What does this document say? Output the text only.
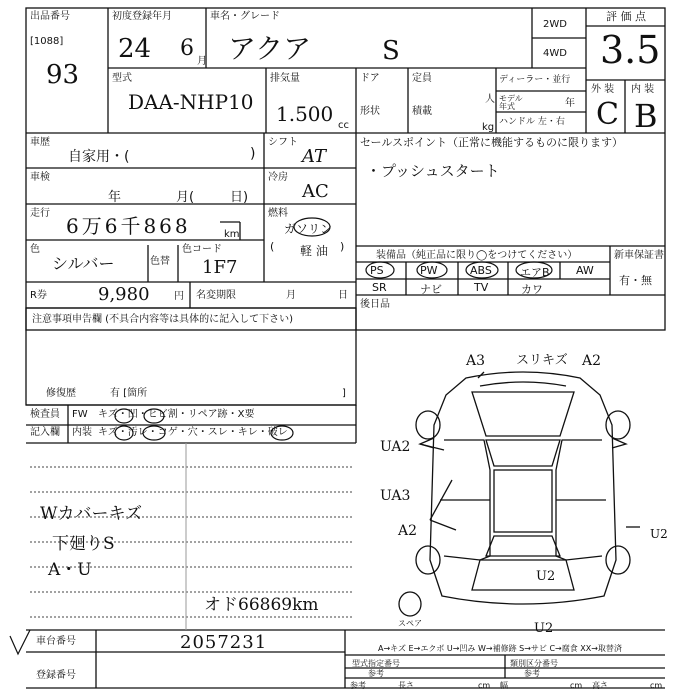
出品番号
[1088]
93
初度登録年月
24 6
月
車名・グレード
アクア	S
2WD
4WD
評 価 点
3.5
外 装 内 装
C B
型式
DAA-NHP10
排気量
1.500 cc
ドア	定員
人
形状	積載
kg
ディーラー・並行
モデル年式	年
ハンドル 左・右
車歴
自家用・(	)
シフト
AT
車検
年	月(	日)
冷房
AC
走行
6万6千868	km
燃料
ガソリン
軽 油
(	)
色
シルバー	色替
色コード
1F7
R券	9,980 円 名変期限	月	日
セールスポイント（正常に機能するものに限ります）
・プッシュスタート
装備品（純正品に限り◯をつけてください）	新車保証書
有・無
PS	PW	ABS	エアB AW
SR	ナビ	TV	カワ
後日品
注意事項申告欄 (不具合内容等は具体的に記入して下さい)
修復歴	有 [箇所	]
検査員
記入欄
FW キズ・凹・ヒビ割・リペア跡・X要
内装 キズ・汚レ・コゲ・穴・スレ・キレ・破レ
Wカバーキズ
下廻りS
A・U
オド66869km
A3 スリキズ A2
UA2
UA3
A2	U2
U2
U2
スペア
A→キズ E→エクボ U→凹み W→補修跡 S→サビ C→腐食 XX→取替済
車台番号	2057231
登録番号
型式指定番号	類別区分番号
参考	参考
参考	長さ	cm 幅	cm 高さ	cm
